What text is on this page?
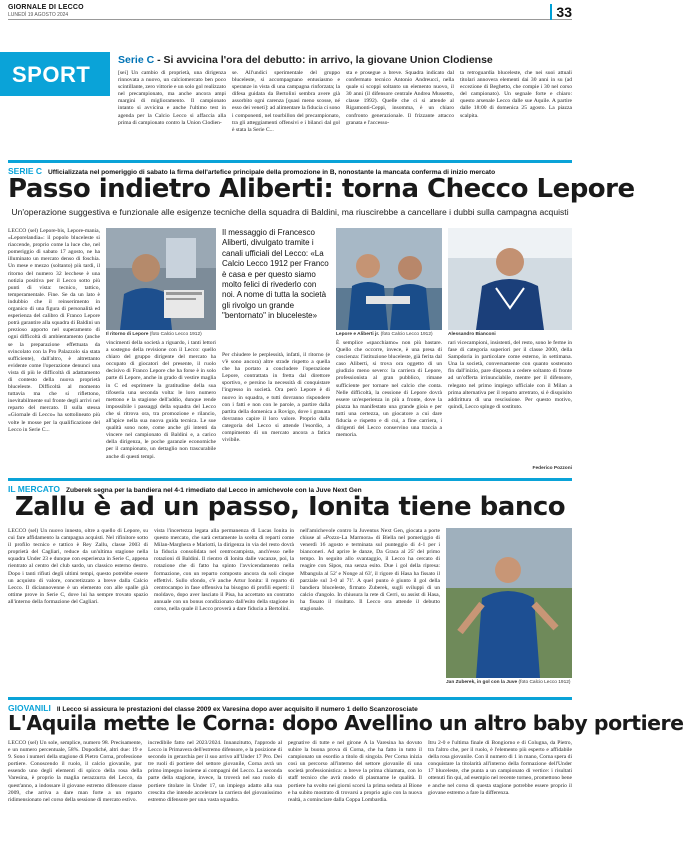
GIORNALE DI LECCO
LUNEDÌ 19 AGOSTO 2024	33
SPORT
Serie C - Si avvicina l'ora del debutto: in arrivo, la giovane Union Clodiense
[sei] Un cambio di proprietà, una dirigenza rinnovata a nuovo, un calciomercato ben poco scintillante, zero vittorie e un solo gol realizzato nel precampionato, ma anche ancora ampi margini di miglioramento. Il campionato intanto si avvicina e anche l'ultimo test in agenda per la Calcio Lecco si affaccia alla prima di campionato contro la Union Clodien-
se. All'undici sperimentale del gruppo bluceleste, si accompagnano entusiasmo e speranze in vista di una campagna rinforzata; la difesa guidata da Bertolini sembra avere già assorbito ogni carenza [quasi meno scosse, né esso dei veneti]: ad alimentare la fiducia ci sono i componenti, nel tourbillon del precampionato, tra gli atteggiamenti offensivi e i bilanci dal gol è stata la Serie C...
sta e prosegue a breve. Squadra indicato dal confermato tecnico Antonio Andreucci, nella quale si scoppi soltanto un elemento nuovo, il 30 anni (il difensore centrale Andrea Mussetto, classe 1992). Quelle che ci si attende al Rigamonti-Ceppi, insomma, è un chiaro confronto generazionale. Il frizzante attacco granata e l'accesso-
ta retroguardia bluceleste, che nei suoi attuali titolari annovera elementi dai 30 anni in su (ad eccezione di Beghetto, che compie i 30 nel corso del campionato). Un segnale forte e chiaro: questo arsenale Lecco dalle sue Aquile. A partire dalle 18:00 di domenica 25 agosto. La piazza scalpita.
SERIE C Ufficializzata nel pomeriggio di sabato la firma dell'artefice principale della promozione in B, nonostante la mancata conferma di inizio mercato
Passo indietro Aliberti: torna Checco Lepore
Un'operazione suggestiva e funzionale alle esigenze tecniche della squadra di Baldini, ma riuscirebbe a cancellare i dubbi sulla campagna acquisti
LECCO (sel) Lepore-bis, Lepore-mania, «Leporelandia»: il popolo bluceleste si riaccende, proprio come la luce che, nel pomeriggio di sabato 17 agosto, ne ha illuminato un mercato denso di foschia. Un mese e mezzo (soltanto) più tardi, il ritorno del numero 32 lecchese è una notizia positiva per il Lecco sotto più punti di vista: tecnico, tattico, temperamentale. Fine. Se da un lato è indubbio che il reinserimento in organico di una figura di personalità ed esperienza del calibro di Franco Lepore potrà garantire alla squadra di Baldini un prezioso apporto nel superamento di ogni difficoltà di ambientamento (anche se la preparazione effettuata da svincolato con la Pro Palazzolo sia stata sufficiente), dall'altro, è altrettanto evidente come l'operazione denunci una vista di più le difficoltà di adattamento di contesto della nuova proprietà bluceleste. Difficoltà al momento tuttavia ma che si riflettono, inevitabilmente sul fronte degli arrivi nel reparto del mercato. Il sulla stessa «Giornale di Lecco» ha sottolineato più volte le mosse per la qualificazione del Lecco in Serie C...
Il ritorno di Lepore (foto Calcio Lecco 1912)
vincimenti della società a riguardo, i tanti lettori a sostegno della revisione con il Lecco: quello chiaro del gruppo dirigente del mercato ha occupato di giocatori del presente, il ruolo decisivo di Franco Lepore che ha forse è in solo parte di Lepore, anche in grado di vestire maglia in C ed esprimere la gratitudine della sua tifoseria una seconda volta: le loro numero mettono e la stagione dell'addio, dunque rende impossibile i passaggi della squadra del Lecco che si ritrova ora, tra promozione e rilancio, all'apice nella sua nuova guida tecnica. Le sue qualità sono note, come anche gli intenti da vincere nel campionato di Baldini e, a carico della dirigenza, le poche garanzie economiche per il campionato, un dettaglio non trascurabile anche di questi tempi.
Il messaggio di Francesco Aliberti, divulgato tramite i canali ufficiali del Lecco: «La Calcio Lecco 1912 per Franco è casa e per questo siamo molto felici di rivederlo con noi. A nome di tutta la società gli rivolgo un grande "bentornato" in bluceleste»
Per chiudere le perplessità, infatti, il ritorno (e v'è sono ancora) altre strade rispetto a quella che ha portato a concludere l'operazione Lepore, contrattata in fretta dal direttore sportivo, e persino la necessità di conquistare l'ingresso in società. Ora però Lepore è di nuovo in squadra, e tutti dovranno rispondere con i fatti e non con le parole, a partire dalla partita della domenica a Rovigo, dove i granata dovranno capire il loro valore. Proprio dalla categoria del Lecco si attende l'esordio, a compimento di un mercato ancora a fatica vivibile.
Lepore e Aliberti jr. (foto Calcio Lecco 1912)
È semplice «spacchiamo» non più bastare. Quello che occorre, invece, è una presa di coscienza: l'istituzione bluceleste, già ferita dal caso Aliberti, si trova ora oggetto di un giudizio meno severo: la carriera di Lepore, professionista al gran pubblico, rimane sufficiente per tornare nel calcio che conta. Nelle difficoltà, la cessione di Lepore dovrà essere un'esperienza in più a fronte, dove la piazza ha manifestato una grande gioia e per tutti una certezza, un giocatore a cui dare fiducia e rispetto e di cui, a fine carriera, i dirigenti del Lecco conservino una traccia a memoria.
Alessandro Bianconi
rari vicecampioni, insistenti, del resto, sono le ferme in fase di categoria superiori per il classe 2000, della Sampdoria in particolare come esterno, in settimana. Una la società, conversamente con quanto sostenuto fin dall'inizio, pare disposta a cedere soltanto di fronte ad un'offerta irrinunciabile, mentre per il difensore, relegato nel primo impiego ufficiale con il Milan a prima alternativa per il reparto arretrato, si è disquisito addirittura di una rescissione. Per questo motivo, quindi, Lecco spinge di sostituto.
Federico Pozzoni
IL MERCATO Zuberek segna per la bandiera nel 4-1 rimediato dal Lecco in amichevole con la Juve Next Gen
Zallu è ad un passo, Ionita tiene banco
LECCO (sel) Un nuovo innesto, oltre a quello di Lepore, su cui fare affidamento la campagna acquisti. Nel rifinitore sotto il profilo tecnico e tattico è Rey Zallu, classe 2003 di proprietà del Cagliari, reduce da un'ultima stagione nella squadra Under 23 e dunque con esperienza in Serie C, appena rientrato al centro del club sardo, un classico esterno destro. Dopo i tanti rifiuti degli ultimi tempi, questo potrebbe essere un acquisto di valore, concretizzato a breve dalla Calcio Lecco. Il diciannovenne è un elemento con alle spalle già ottime prove in Serie C, dove lui ha sempre trovato spazio all'interno della formazione del Cagliari.
vista l'incertezza legata alla permanenza di Lucas Ionita in questo mercato, che sarà certamente la scelta di reparti come Milan-Marghera e Mariotti, la dirigenza in via del resto dovrà la fiducia consolidata nel centrocampista, anch'esso nelle rotazioni di Baldini. Il rientro di Ionita dalle vacanze, poi, la rotazione che di fatto ha spinto l'avvicendamento nella formazione, con un reparto composto ancora da soli cinque effettivi. Sullo sfondo, c'è anche Artur Ionita: il reparto di centrocampo in fase offensiva ha bisogno di profili esperti: il moldavo, dopo aver lasciato il Pisa, ha accettato un contratto annuale con un bonus condizionato dall'esito della stagione in corso, nella quale il Lecco proverà a dare fiducia a Bertolini.
nell'amichevole contro la Juventus Next Gen, giocata a porte chiuse al «Pozzo-La Marmora» di Biella nel pomeriggio di venerdì 16 agosto e terminata sul punteggio di 4-1 per i bianconeri. Ad aprire le danze, Da Graca al 25' del primo tempo. In seguito allo svantaggio, il Lecco ha cercato di reagire con Sipos, ma senza esito. Due i gol della ripresa: Mbangula al 52' e Nonge al 63', il rigore di Hasa ha fissato il parziale sul 3-0 al 71'. A quel punto è giunto il gol della bandiera bluceleste, firmato Zuberek, sugli sviluppi di un calcio d'angolo. In chiusura la rete di Cerri, su assist di Hasa, ha fissato il risultato. Il Lecco ora attende il debutto stagionale.
Jan Zuberek, in gol con la Juve (foto Calcio Lecco 1912)
GIOVANILI Il Lecco si assicura le prestazioni del classe 2009 ex Varesina dopo aver acquisito il numero 1 dello Scanzorosciate
L'Aquila mette le Corna: dopo Avellino un altro baby portiere
LECCO (sel) Un sole, semplice, numero 98. Precisamente, e un numero percentuale, 58%. Dopodiché, altri due: 19 e 9. Sono i numeri della stagione di Pietro Corna, professione portiere. Conoscendo il ruolo, il calcio giovanile, pur essendo uno degli elementi di spicco della rosa della Varesina, è proprio la maglia nerazzurra del Lecco, da quest'anno, a indossare il giovane estremo difensore classe 2009, che arriva a dare man forte a un reparto ridimensionato nel corso della sessione di mercato estivo.
incredibile fatto nel 2023/2024. Innanzitutto, l'approdo al Lecco in Primavera dell'estremo difensore, e la posizione di secondo in gerarchia per il suo arrivo all'Under 17 Pro. Dei tre ruoli di portiere del settore giovanile, Corna avrà un primo impegno insieme ai compagni del Lecco. La seconda parte della stagione, invece, la troverà nel suo ruolo di portiere titolare in Under 17, un impiego adatto alla sua crescita che intende accelerare la carriera del giovanissimo estremo difensore per una vasta squadra.
pegnative di tutte e nel girone A la Varesina ha dovuto subire la buona prova di Corna, che ha fatto in tutto il campionato un esordio a titolo di singola. Per Corna inizia così un percorso all'interno del settore giovanile di una società professionistica: a breve la prima chiamata, con lo staff tecnico che avrà modo di plasmarne le qualità. Il portiere ha svolto nei giorni scorsi la prima seduta al Bione e ha subito mostrato di trovarsi a proprio agio con la nuova realtà, a cominciare dalla Coppa Lombardia.
Itru 2-0 e l'ultima finale di Bongiorno e di Colugna, da Pietro, tra l'altro che, per il ruolo, è l'elemento più esperto e affidabile della rosa giovanile. Con il numero di 1 in mano, Corna spera di conquistare la titolarità all'interno della formazione dell'Under 17 bluceleste, che punta a un campionato di vertice: i risultati ottenuti fin qui, ad esempio nel recente torneo, promettono bene e anche nel corso di questa stagione potrebbe essere proprio il giovane estremo a fare la differenza.
